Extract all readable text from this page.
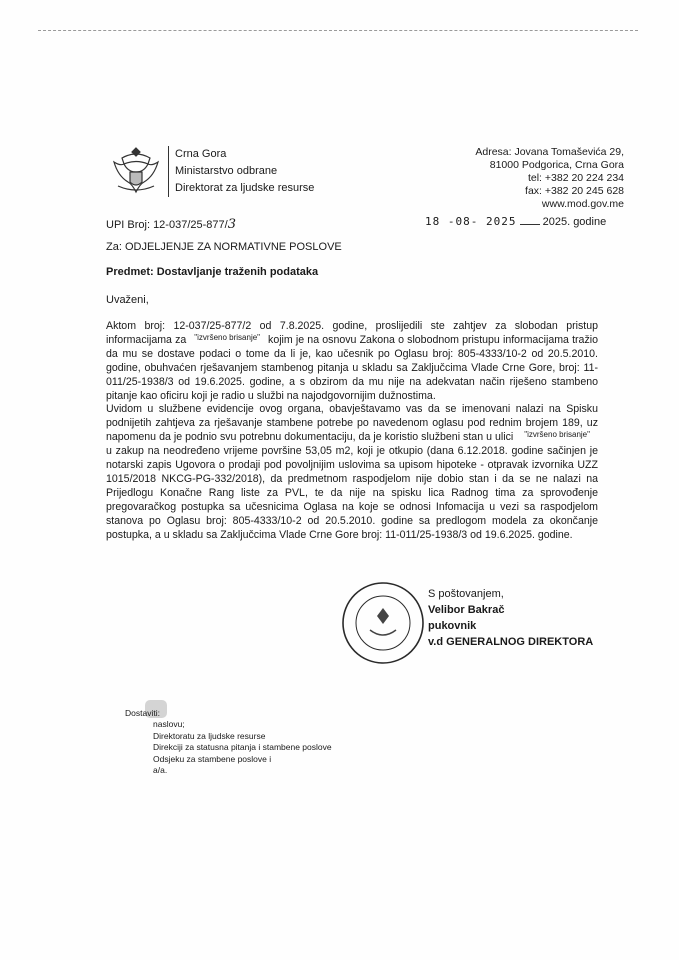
Crna Gora
Ministarstvo odbrane
Direktorat za ljudske resurse
Adresa: Jovana Tomaševića 29,
81000 Podgorica, Crna Gora
tel: +382 20 224 234
fax: +382 20 245 628
www.mod.gov.me
UPI Broj: 12-037/25-877/3	18 -08- 2025 2025. godine
Za: ODJELJENJE ZA NORMATIVNE POSLOVE
Predmet: Dostavljanje traženih podataka
Uvaženi,

Aktom broj: 12-037/25-877/2 od 7.8.2025. godine, proslijedili ste zahtjev za slobodan pristup informacijama za "izvršeno brisanje" kojim je na osnovu Zakona o slobodnom pristupu informacijama tražio da mu se dostave podaci o tome da li je, kao učesnik po Oglasu broj: 805-4333/10-2 od 20.5.2010. godine, obuhvaćen rješavanjem stambenog pitanja u skladu sa Zaključcima Vlade Crne Gore, broj: 11-011/25-1938/3 od 19.6.2025. godine, a s obzirom da mu nije na adekvatan način riješeno stambeno pitanje kao oficiru koji je radio u službi na najodgovornijim dužnostima.

Uvidom u službene evidencije ovog organa, obavještavamo vas da se imenovani nalazi na Spisku podnijetih zahtjeva za rješavanje stambene potrebe po navedenom oglasu pod rednim brojem 189, uz napomenu da je podnio svu potrebnu dokumentaciju, da je koristio službeni stan u ulici "izvršeno brisanje" u zakup na neodređeno vrijeme površine 53,05 m2, koji je otkupio (dana 6.12.2018. godine sačinjen je notarski zapis Ugovora o prodaji pod povoljnijim uslovima sa upisom hipoteke - otpravak izvornika UZZ 1015/2018 NKCG-PG-332/2018), da predmetnom raspodjelom nije dobio stan i da se ne nalazi na Prijedlogu Konačne Rang liste za PVL, te da nije na spisku lica Radnog tima za sprovođenje pregovaračkog postupka sa učesnicima Oglasa na koje se odnosi Infomacija u vezi sa raspodjelom stanova po Oglasu broj: 805-4333/10-2 od 20.5.2010. godine sa predlogom modela za okončanje postupka, a u skladu sa Zaključcima Vlade Crne Gore broj: 11-011/25-1938/3 od 19.6.2025. godine.

S poštovanjem,
Velibor Bakrač
pukovnik
v.d GENERALNOG DIREKTORA
Dostaviti:
naslovu;
Direktoratu za ljudske resurse
Direkciji za statusna pitanja i stambene poslove
Odsjeku za stambene poslove i
a/a.
